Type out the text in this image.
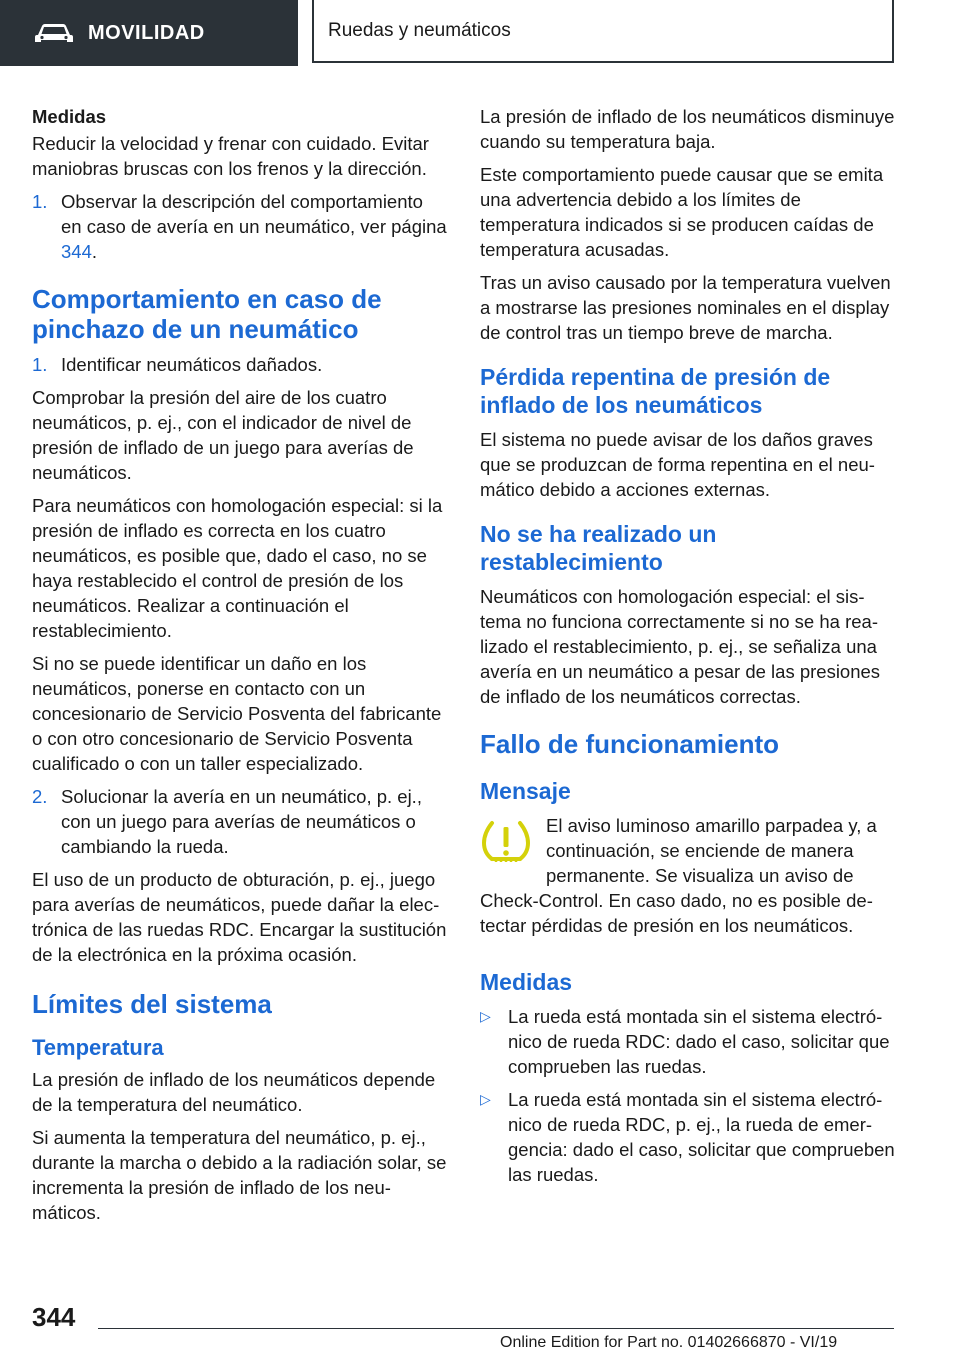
MOVILIDAD	Ruedas y neumáticos
Medidas

Reducir la velocidad y frenar con cuidado. Evitar maniobras bruscas con los frenos y la dirección.

1. Observar la descripción del comportamiento en caso de avería en un neumático, ver página 344.
Comportamiento en caso de pinchazo de un neumático
1. Identificar neumáticos dañados.

Comprobar la presión del aire de los cuatro neumáticos, p. ej., con el indicador de nivel de presión de inflado de un juego para averías de neumáticos.

Para neumáticos con homologación especial: si la presión de inflado es correcta en los cuatro neumáticos, es posible que, dado el caso, no se haya restablecido el control de presión de los neumáticos. Realizar a continuación el restablecimiento.

Si no se puede identificar un daño en los neumáticos, ponerse en contacto con un concesionario de Servicio Posventa del fabricante o con otro concesionario de Servicio Posventa cualificado o con un taller especializado.

2. Solucionar la avería en un neumático, p. ej., con un juego para averías de neumáticos o cambiando la rueda.

El uso de un producto de obturación, p. ej., juego para averías de neumáticos, puede dañar la electrónica de las ruedas RDC. Encargar la sustitución de la electrónica en la próxima ocasión.

Límites del sistema
Temperatura

La presión de inflado de los neumáticos depende de la temperatura del neumático.

Si aumenta la temperatura del neumático, p. ej., durante la marcha o debido a la radiación solar, se incrementa la presión de inflado de los neumáticos.

La presión de inflado de los neumáticos disminuye cuando su temperatura baja.

Este comportamiento puede causar que se emita una advertencia debido a los límites de temperatura indicados si se producen caídas de temperatura acusadas.

Tras un aviso causado por la temperatura vuelven a mostrarse las presiones nominales en el display de control tras un tiempo breve de marcha.

Pérdida repentina de presión de inflado de los neumáticos

El sistema no puede avisar de los daños graves que se produzcan de forma repentina en el neumático debido a acciones externas.

No se ha realizado un restablecimiento

Neumáticos con homologación especial: el sistema no funciona correctamente si no se ha realizado el restablecimiento, p. ej., se señaliza una avería en un neumático a pesar de las presiones de inflado de los neumáticos correctas.

Fallo de funcionamiento
Mensaje
El aviso luminoso amarillo parpadea y, a continuación, se enciende de manera permanente. Se visualiza un aviso de Check-Control. En caso dado, no es posible detectar pérdidas de presión en los neumáticos.
Medidas
▷ La rueda está montada sin el sistema electrónico de rueda RDC: dado el caso, solicitar que comprueben las ruedas.
▷ La rueda está montada sin el sistema electrónico de rueda RDC, p. ej., la rueda de emergencia: dado el caso, solicitar que comprueben las ruedas.
344
Online Edition for Part no. 01402666870 - VI/19
